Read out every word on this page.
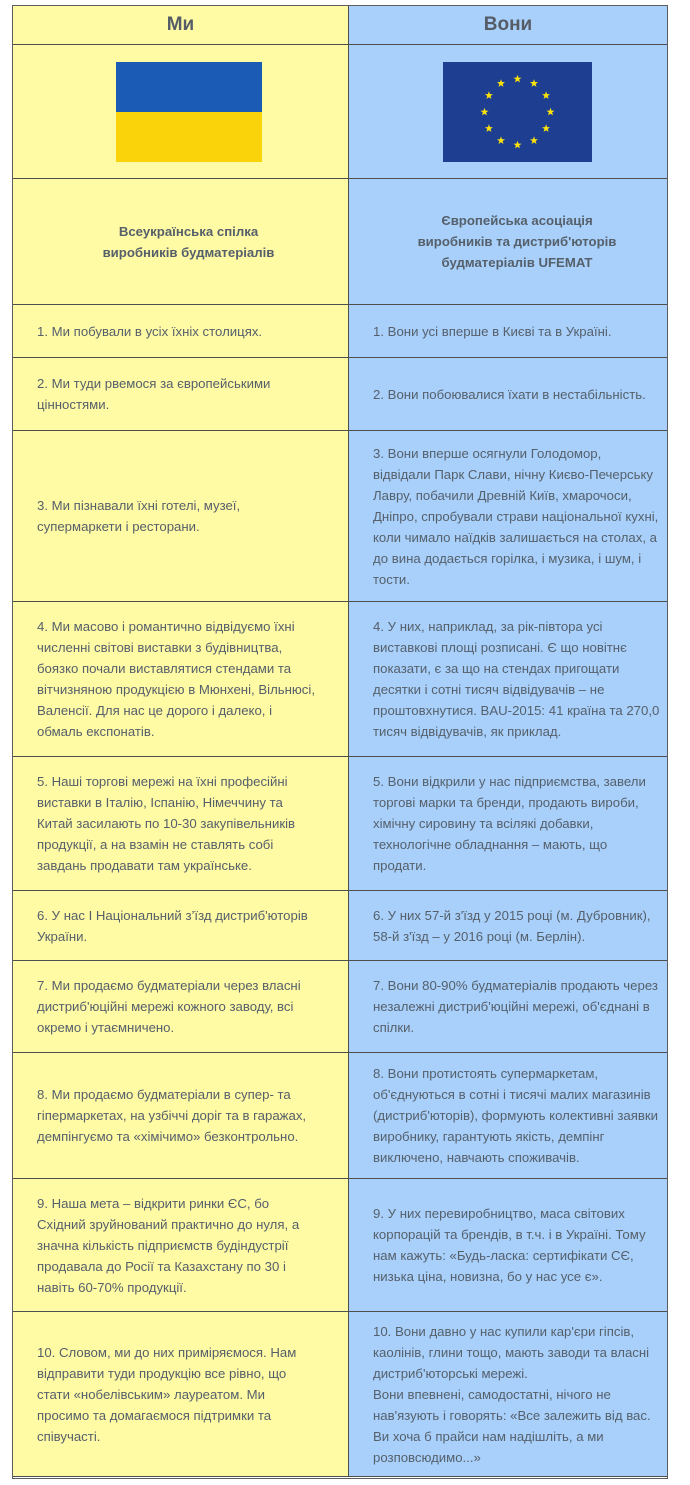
Ми	Вони
Всеукраїнська спілка
виробників будматеріалів
Європейська асоціація
виробників та дистриб'юторів
будматеріалів UFEMAT
1. Ми побували в усіх їхніх столицях.	1. Вони усі вперше в Києві та в Україні.
2. Ми туди рвемося за європейськими
цінностями.
2. Вони побоювалися їхати в нестабільність.
3. Ми пізнавали їхні готелі, музеї,
супермаркети і ресторани.
3. Вони вперше осягнули Голодомор,
відвідали Парк Слави, нічну Києво-Печерську
Лавру, побачили Древній Київ, хмарочоси,
Дніпро, спробували страви національної кухні,
коли чимало наїдків залишається на столах, а
до вина додається горілка, і музика, і шум, і
тости.
4. Ми масово і романтично відвідуємо їхні
численні світові виставки з будівництва,
боязко почали виставлятися стендами та
вітчизняною продукцією в Мюнхені, Вільнюсі,
Валенсії. Для нас це дорого і далеко, і
обмаль експонатів.
4. У них, наприклад, за рік-півтора усі
виставкові площі розписані. Є що новітнє
показати, є за що на стендах пригощати
десятки і сотні тисяч відвідувачів – не
проштовхнутися. BAU-2015: 41 країна та 270,0
тисяч відвідувачів, як приклад.
5. Наші торгові мережі на їхні професійні
виставки в Італію, Іспанію, Німеччину та
Китай засилають по 10-30 закупівельників
продукції, а на взамін не ставлять собі
завдань продавати там українське.
5. Вони відкрили у нас підприємства, завели
торгові марки та бренди, продають вироби,
хімічну сировину та всілякі добавки,
технологічне обладнання – мають, що
продати.
6. У нас І Національний з’їзд дистриб'юторів
України.
6. У них 57-й з'їзд у 2015 році (м. Дубровник),
58-й з'їзд – у 2016 році (м. Берлін).
7. Ми продаємо будматеріали через власні
дистриб'юційні мережі кожного заводу, всі
окремо і утаємничено.
7. Вони 80-90% будматеріалів продають через
незалежні дистриб'юційні мережі, об'єднані в
спілки.
8. Ми продаємо будматеріали в супер- та
гіпермаркетах, на узбіччі доріг та в гаражах,
демпінгуємо та «хімічимо» безконтрольно.
8. Вони протистоять супермаркетам,
об'єднуються в сотні і тисячі малих магазинів
(дистриб'юторів), формують колективні заявки
виробнику, гарантують якість, демпінг
виключено, навчають споживачів.
9. Наша мета – відкрити ринки ЄС, бо
Східний зруйнований практично до нуля, а
значна кількість підприємств будіндустрії
продавала до Росії та Казахстану по 30 і
навіть 60-70% продукції.
9. У них перевиробництво, маса світових
корпорацій та брендів, в т.ч. і в Україні. Тому
нам кажуть: «Будь-ласка: сертифікати СЄ,
низька ціна, новизна, бо у нас усе є».
10. Словом, ми до них приміряємося. Нам
відправити туди продукцію все рівно, що
стати «нобелівським» лауреатом. Ми
просимо та домагаємося підтримки та
співучасті.
10. Вони давно у нас купили кар'єри гіпсів,
каолінів, глини тощо, мають заводи та власні
дистриб'юторські мережі.
Вони впевнені, самодостатні, нічого не
нав'язують і говорять: «Все залежить від вас.
Ви хоча б прайси нам надішліть, а ми
розповсюдимо...»
